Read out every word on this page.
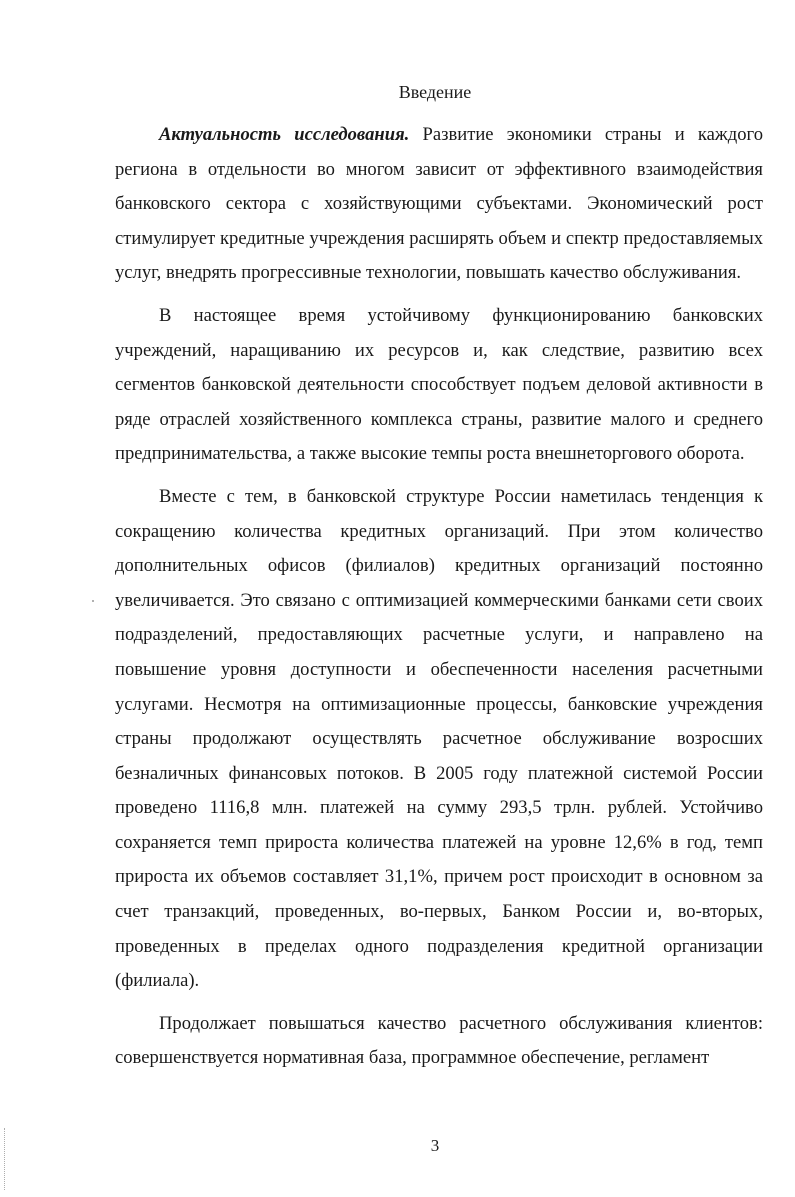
Введение

Актуальность исследования. Развитие экономики страны и каждого региона в отдельности во многом зависит от эффективного взаимодействия банковского сектора с хозяйствующими субъектами. Экономический рост стимулирует кредитные учреждения расширять объем и спектр предоставляемых услуг, внедрять прогрессивные технологии, повышать качество обслуживания.

В настоящее время устойчивому функционированию банковских учреждений, наращиванию их ресурсов и, как следствие, развитию всех сегментов банковской деятельности способствует подъем деловой активности в ряде отраслей хозяйственного комплекса страны, развитие малого и среднего предпринимательства, а также высокие темпы роста внешнеторгового оборота.

Вместе с тем, в банковской структуре России наметилась тенденция к сокращению количества кредитных организаций. При этом количество дополнительных офисов (филиалов) кредитных организаций постоянно увеличивается. Это связано с оптимизацией коммерческими банками сети своих подразделений, предоставляющих расчетные услуги, и направлено на повышение уровня доступности и обеспеченности населения расчетными услугами. Несмотря на оптимизационные процессы, банковские учреждения страны продолжают осуществлять расчетное обслуживание возросших безналичных финансовых потоков. В 2005 году платежной системой России проведено 1116,8 млн. платежей на сумму 293,5 трлн. рублей. Устойчиво сохраняется темп прироста количества платежей на уровне 12,6% в год, темп прироста их объемов составляет 31,1%, причем рост происходит в основном за счет транзакций, проведенных, во-первых, Банком России и, во-вторых, проведенных в пределах одного подразделения кредитной организации (филиала).

Продолжает повышаться качество расчетного обслуживания клиентов: совершенствуется нормативная база, программное обеспечение, регламент

3
